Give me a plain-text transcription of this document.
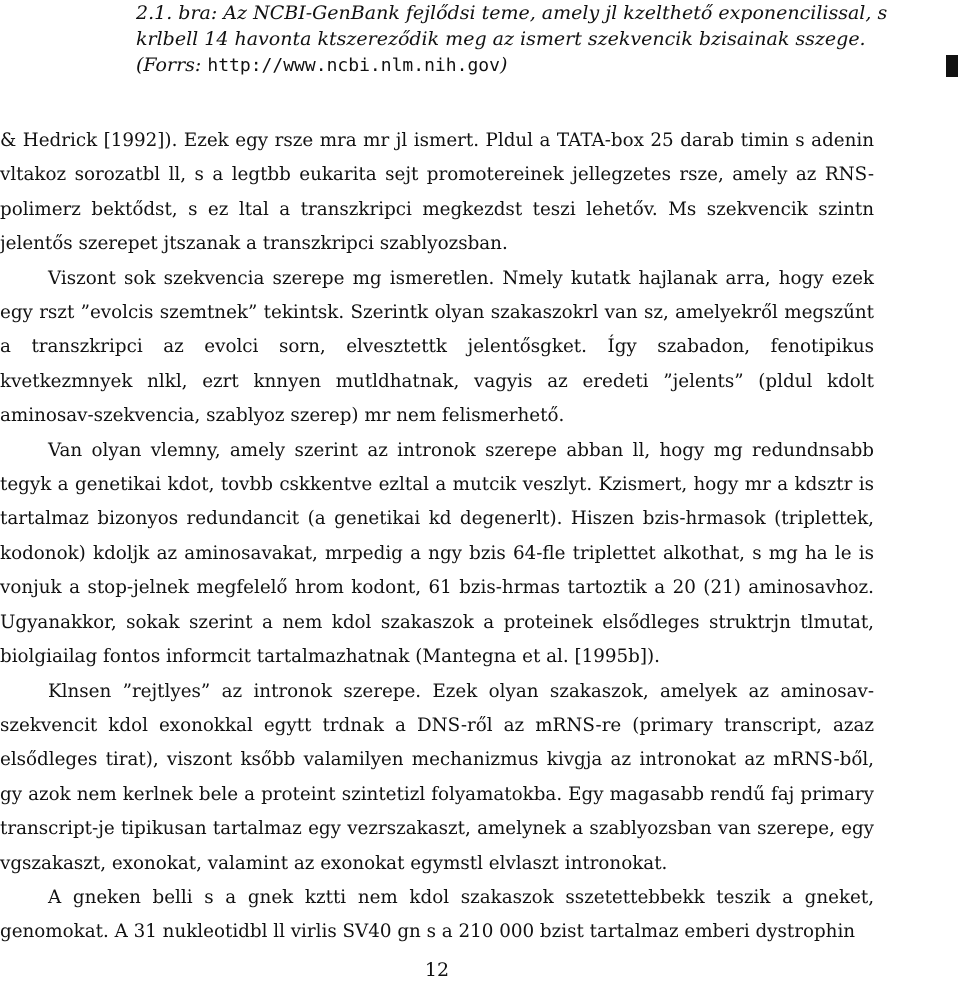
2.1. bra: Az NCBI-GenBank fejlődsi teme, amely jl kzelthető exponencilissal, s krlbell 14 havonta ktszereződik meg az ismert szekvencik bzisainak sszege. (Forrs: http://www.ncbi.nlm.nih.gov)

& Hedrick [1992]). Ezek egy rsze mra mr jl ismert. Pldul a TATA-box 25 darab timin s adenin vltakoz sorozatbl ll, s a legtbb eukarita sejt promotereinek jellegzetes rsze, amely az RNS-polimerz bektődst, s ez ltal a transzkripci megkezdst teszi lehetőv. Ms szekvencik szintn jelentős szerepet jtszanak a transzkripci szablyozsban.

Viszont sok szekvencia szerepe mg ismeretlen. Nmely kutatk hajlanak arra, hogy ezek egy rszt ”evolcis szemtnek” tekintsk. Szerintk olyan szakaszokrl van sz, amelyekről megszűnt a transzkripci az evolci sorn, elvesztettk jelentősgket. Így szabadon, fenotipikus kvetkezmnyek nlkl, ezrt knnyen mutldhatnak, vagyis az eredeti ”jelents” (pldul kdolt aminosav-szekvencia, szablyoz szerep) mr nem felismerhető.

Van olyan vlemny, amely szerint az intronok szerepe abban ll, hogy mg redundnsabb tegyk a genetikai kdot, tovbb cskkentve ezltal a mutcik veszlyt. Kzismert, hogy mr a kdsztr is tartalmaz bizonyos redundancit (a genetikai kd degenerlt). Hiszen bzis-hrmasok (triplettek, kodonok) kdoljk az aminosavakat, mrpedig a ngy bzis 64-fle triplettet alkothat, s mg ha le is vonjuk a stop-jelnek megfelelő hrom kodont, 61 bzis-hrmas tartoztik a 20 (21) aminosavhoz. Ugyanakkor, sokak szerint a nem kdol szakaszok a proteinek elsődleges struktrjn tlmutat, biolgiailag fontos informcit tartalmazhatnak (Mantegna et al. [1995b]).

Klnsen ”rejtlyes” az intronok szerepe. Ezek olyan szakaszok, amelyek az aminosav-szekvencit kdol exonokkal egytt trdnak a DNS-ről az mRNS-re (primary transcript, azaz elsődleges tirat), viszont ksőbb valamilyen mechanizmus kivgja az intronokat az mRNS-ből, gy azok nem kerlnek bele a proteint szintetizl folyamatokba. Egy magasabb rendű faj primary transcript-je tipikusan tartalmaz egy vezrszakaszt, amelynek a szablyozsban van szerepe, egy vgszakaszt, exonokat, valamint az exonokat egymstl elvlaszt intronokat.

A gneken belli s a gnek kztti nem kdol szakaszok sszetettebbekk teszik a gneket, genomokat. A 31 nukleotidbl ll virlis SV40 gn s a 210 000 bzist tartalmaz emberi dystrophin

12
